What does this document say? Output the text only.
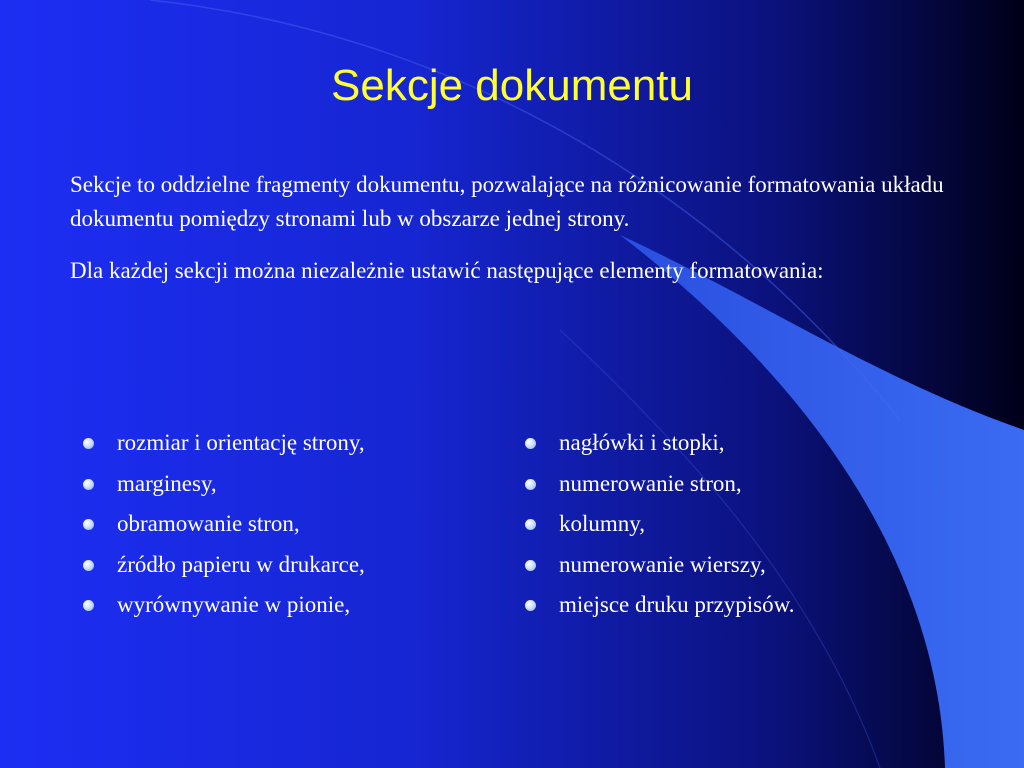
Sekcje dokumentu

Sekcje to oddzielne fragmenty dokumentu, pozwalające na różnicowanie formatowania układu dokumentu pomiędzy stronami lub w obszarze jednej strony.

Dla każdej sekcji można niezależnie ustawić następujące elementy formatowania:

rozmiar i orientację strony,
marginesy,
obramowanie stron,
źródło papieru w drukarce,
wyrównywanie w pionie,
nagłówki i stopki,
numerowanie stron,
kolumny,
numerowanie wierszy,
miejsce druku przypisów.
